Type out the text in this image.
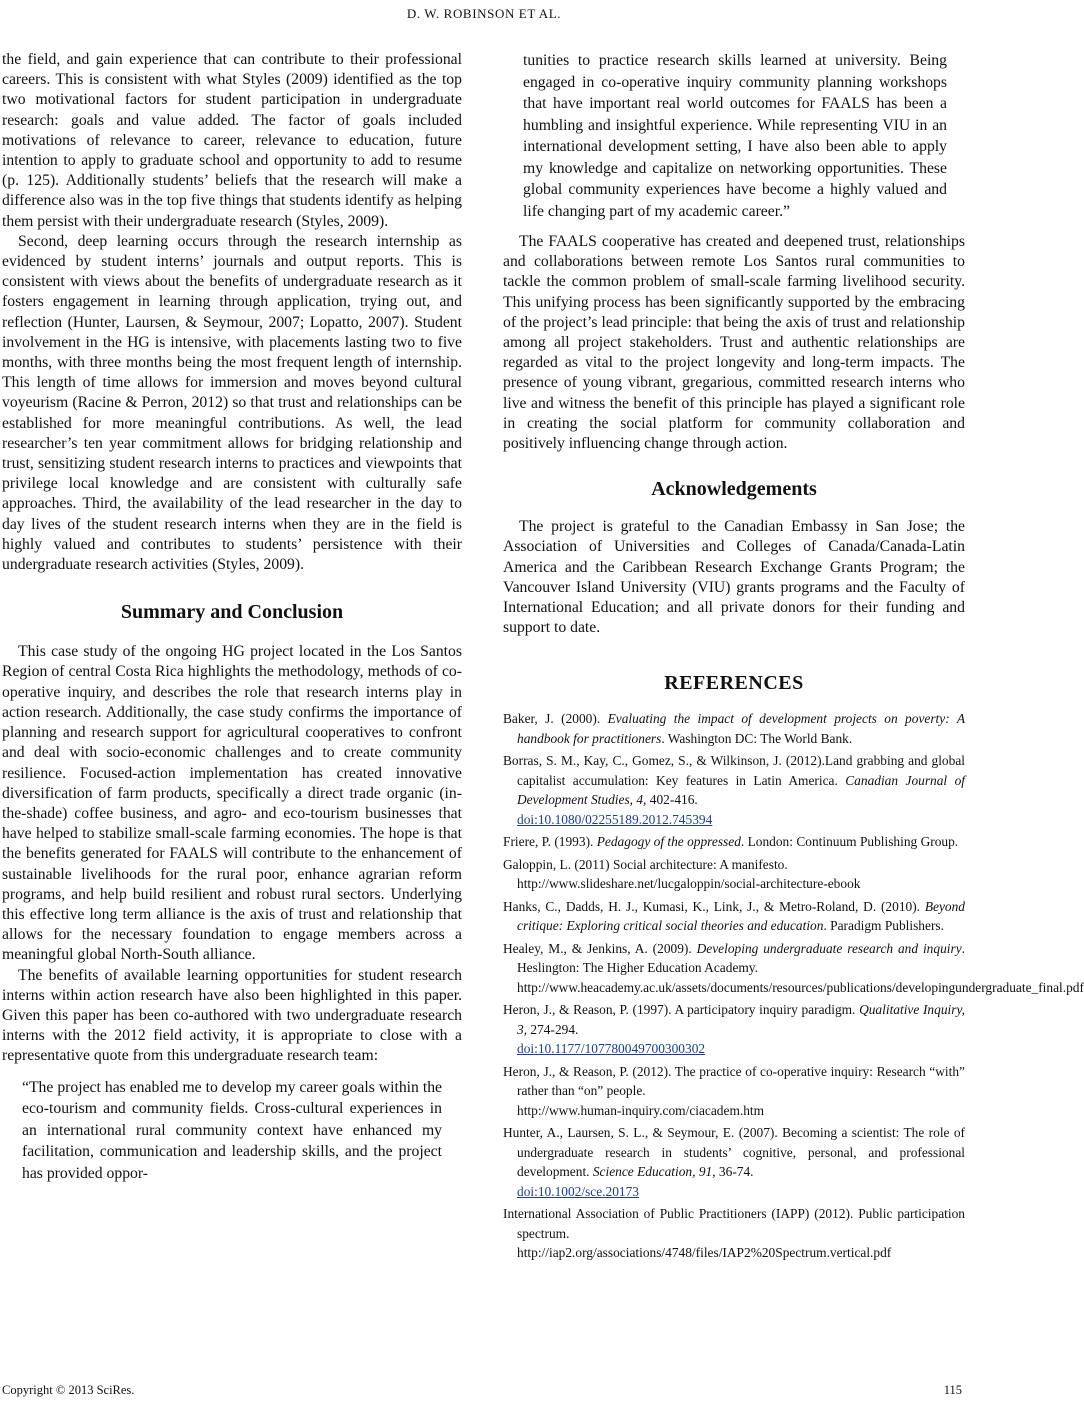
D. W. ROBINSON ET AL.

the field, and gain experience that can contribute to their professional careers. This is consistent with what Styles (2009) identified as the top two motivational factors for student participation in undergraduate research: goals and value added. The factor of goals included motivations of relevance to career, relevance to education, future intention to apply to graduate school and opportunity to add to resume (p. 125). Additionally students’ beliefs that the research will make a difference also was in the top five things that students identify as helping them persist with their undergraduate research (Styles, 2009).

Second, deep learning occurs through the research internship as evidenced by student interns’ journals and output reports. This is consistent with views about the benefits of undergraduate research as it fosters engagement in learning through application, trying out, and reflection (Hunter, Laursen, & Seymour, 2007; Lopatto, 2007). Student involvement in the HG is intensive, with placements lasting two to five months, with three months being the most frequent length of internship. This length of time allows for immersion and moves beyond cultural voyeurism (Racine & Perron, 2012) so that trust and relationships can be established for more meaningful contributions. As well, the lead researcher’s ten year commitment allows for bridging relationship and trust, sensitizing student research interns to practices and viewpoints that privilege local knowledge and are consistent with culturally safe approaches. Third, the availability of the lead researcher in the day to day lives of the student research interns when they are in the field is highly valued and contributes to students’ persistence with their undergraduate research activities (Styles, 2009).

Summary and Conclusion

This case study of the ongoing HG project located in the Los Santos Region of central Costa Rica highlights the methodology, methods of co-operative inquiry, and describes the role that research interns play in action research. Additionally, the case study confirms the importance of planning and research support for agricultural cooperatives to confront and deal with socio-economic challenges and to create community resilience. Focused-action implementation has created innovative diversification of farm products, specifically a direct trade organic (in-the-shade) coffee business, and agro- and eco-tourism businesses that have helped to stabilize small-scale farming economies. The hope is that the benefits generated for FAALS will contribute to the enhancement of sustainable livelihoods for the rural poor, enhance agrarian reform programs, and help build resilient and robust rural sectors. Underlying this effective long term alliance is the axis of trust and relationship that allows for the necessary foundation to engage members across a meaningful global North-South alliance.

The benefits of available learning opportunities for student research interns within action research have also been highlighted in this paper. Given this paper has been co-authored with two undergraduate research interns with the 2012 field activity, it is appropriate to close with a representative quote from this undergraduate research team:

“The project has enabled me to develop my career goals within the eco-tourism and community fields. Cross-cultural experiences in an international rural community context have enhanced my facilitation, communication and leadership skills, and the project has provided oppor-

tunities to practice research skills learned at university. Being engaged in co-operative inquiry community planning workshops that have important real world outcomes for FAALS has been a humbling and insightful experience. While representing VIU in an international development setting, I have also been able to apply my knowledge and capitalize on networking opportunities. These global community experiences have become a highly valued and life changing part of my academic career.”

The FAALS cooperative has created and deepened trust, relationships and collaborations between remote Los Santos rural communities to tackle the common problem of small-scale farming livelihood security. This unifying process has been significantly supported by the embracing of the project’s lead principle: that being the axis of trust and relationship among all project stakeholders. Trust and authentic relationships are regarded as vital to the project longevity and long-term impacts. The presence of young vibrant, gregarious, committed research interns who live and witness the benefit of this principle has played a significant role in creating the social platform for community collaboration and positively influencing change through action.

Acknowledgements

The project is grateful to the Canadian Embassy in San Jose; the Association of Universities and Colleges of Canada/Canada-Latin America and the Caribbean Research Exchange Grants Program; the Vancouver Island University (VIU) grants programs and the Faculty of International Education; and all private donors for their funding and support to date.

REFERENCES

Baker, J. (2000). Evaluating the impact of development projects on poverty: A handbook for practitioners. Washington DC: The World Bank.

Borras, S. M., Kay, C., Gomez, S., & Wilkinson, J. (2012).Land grabbing and global capitalist accumulation: Key features in Latin America. Canadian Journal of Development Studies, 4, 402-416.
doi:10.1080/02255189.2012.745394

Friere, P. (1993). Pedagogy of the oppressed. London: Continuum Publishing Group.

Galoppin, L. (2011) Social architecture: A manifesto.
http://www.slideshare.net/lucgaloppin/social-architecture-ebook

Hanks, C., Dadds, H. J., Kumasi, K., Link, J., & Metro-Roland, D. (2010). Beyond critique: Exploring critical social theories and education. Paradigm Publishers.

Healey, M., & Jenkins, A. (2009). Developing undergraduate research and inquiry. Heslington: The Higher Education Academy.
http://www.heacademy.ac.uk/assets/documents/resources/publications/developingundergraduate_final.pdf

Heron, J., & Reason, P. (1997). A participatory inquiry paradigm. Qualitative Inquiry, 3, 274-294.
doi:10.1177/107780049700300302

Heron, J., & Reason, P. (2012). The practice of co-operative inquiry: Research “with” rather than “on” people.
http://www.human-inquiry.com/ciacadem.htm

Hunter, A., Laursen, S. L., & Seymour, E. (2007). Becoming a scientist: The role of undergraduate research in students’ cognitive, personal, and professional development. Science Education, 91, 36-74.
doi:10.1002/sce.20173

International Association of Public Practitioners (IAPP) (2012). Public participation spectrum.
http://iap2.org/associations/4748/files/IAP2%20Spectrum.vertical.pdf

Copyright © 2013 SciRes.	115
